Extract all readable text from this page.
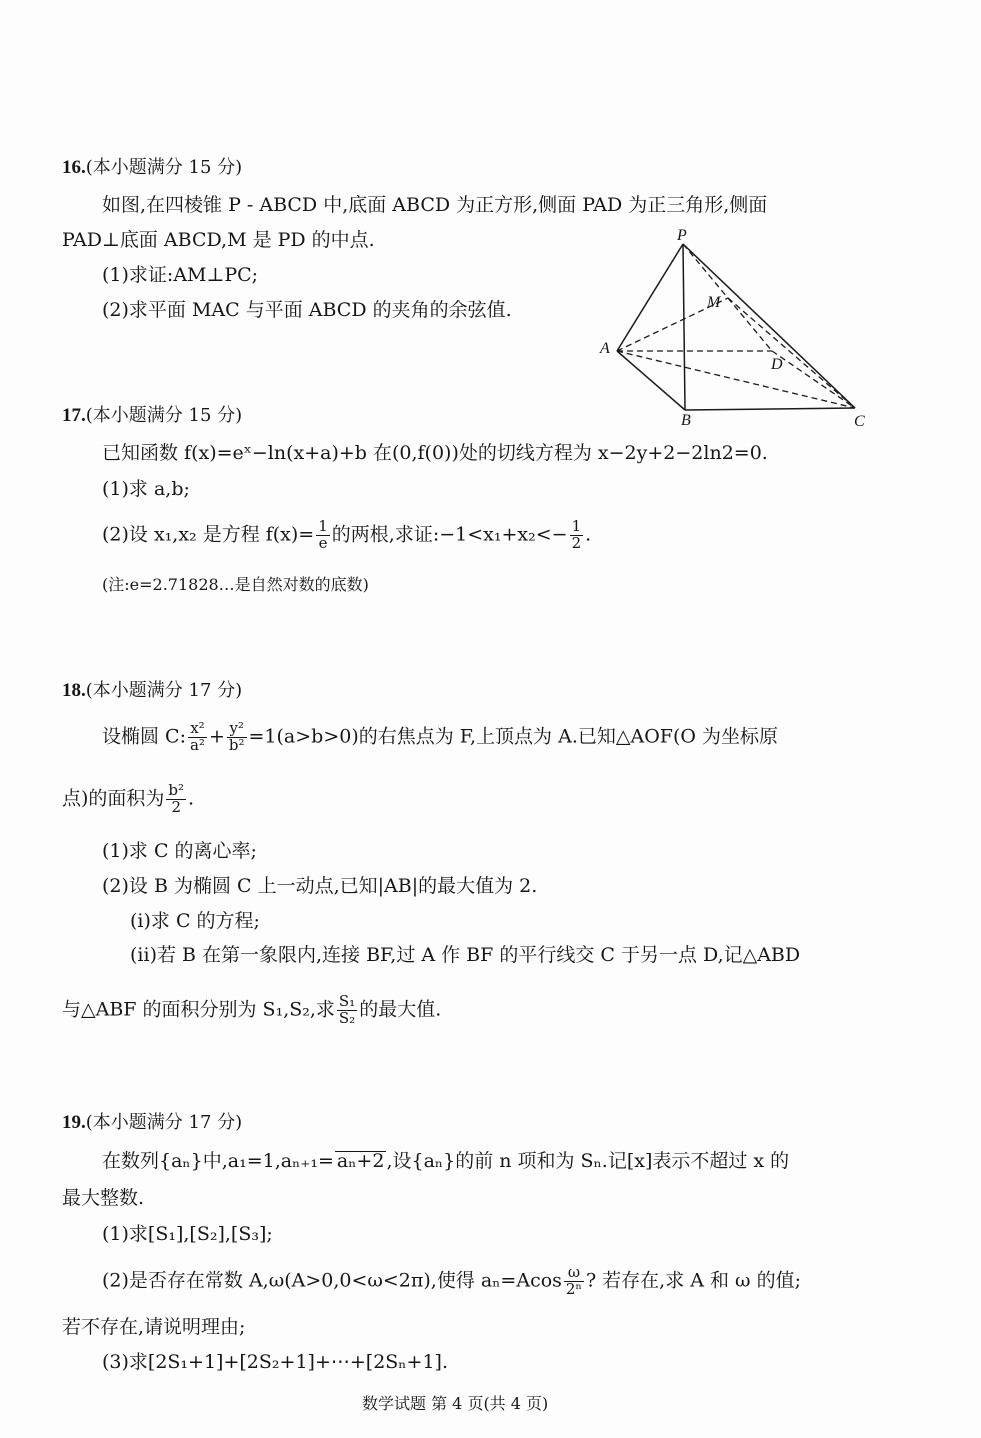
16.(本小题满分 15 分)
如图,在四棱锥 P - ABCD 中,底面 ABCD 为正方形,侧面 PAD 为正三角形,侧面
PAD⊥底面 ABCD,M 是 PD 的中点.
(1)求证:AM⊥PC;
(2)求平面 MAC 与平面 ABCD 的夹角的余弦值.
P
M
A
D
B	C
17.(本小题满分 15 分)
已知函数 f(x)=eˣ−ln(x+a)+b 在(0,f(0))处的切线方程为 x−2y+2−2ln2=0.
(1)求 a,b;
(2)设 x₁,x₂ 是方程 $f(x)= \frac{1}{e}$ 的两根,求证:−1<x₁+x₂<− $\frac{1}{2}$ .
(注:e=2.71828…是自然对数的底数)
18.(本小题满分 17 分)
设椭圆 C: $\frac{\text{x²}}{\text{a²}} + \frac{\text{y²}}{\text{b²}} =1(a>b>0)$的右焦点为 F,上顶点为 A.已知△AOF(O 为坐标原
点)的面积为 $\frac{\text{b²}}{2}$ .
(1)求 C 的离心率;
(2)设 B 为椭圆 C 上一动点,已知|AB|的最大值为 2.
(i)求 C 的方程;
(ii)若 B 在第一象限内,连接 BF,过 A 作 BF 的平行线交 C 于另一点 D,记△ABD
与△ABF 的面积分别为 S₁,S₂,求 $\frac{\text{S₁}}{\text{S₂}}$ 的最大值.
19.(本小题满分 17 分)
在数列{aₙ}中,a₁=1,aₙ₊₁= aₙ+2 ,设{aₙ}的前 n 项和为 Sₙ.记[x]表示不超过 x 的
最大整数.
(1)求[S₁],[S₂],[S₃];
(2)是否存在常数 A,ω(A>0,0<ω<2π),使得 $a_n=Acos \frac{\omega}{\text{2ⁿ}}$ ? 若存在,求 A 和 ω 的值;
若不存在,请说明理由;
(3)求[2S₁+1]+[2S₂+1]+⋯+[2Sₙ+1].
数学试题 第 4 页(共 4 页)
